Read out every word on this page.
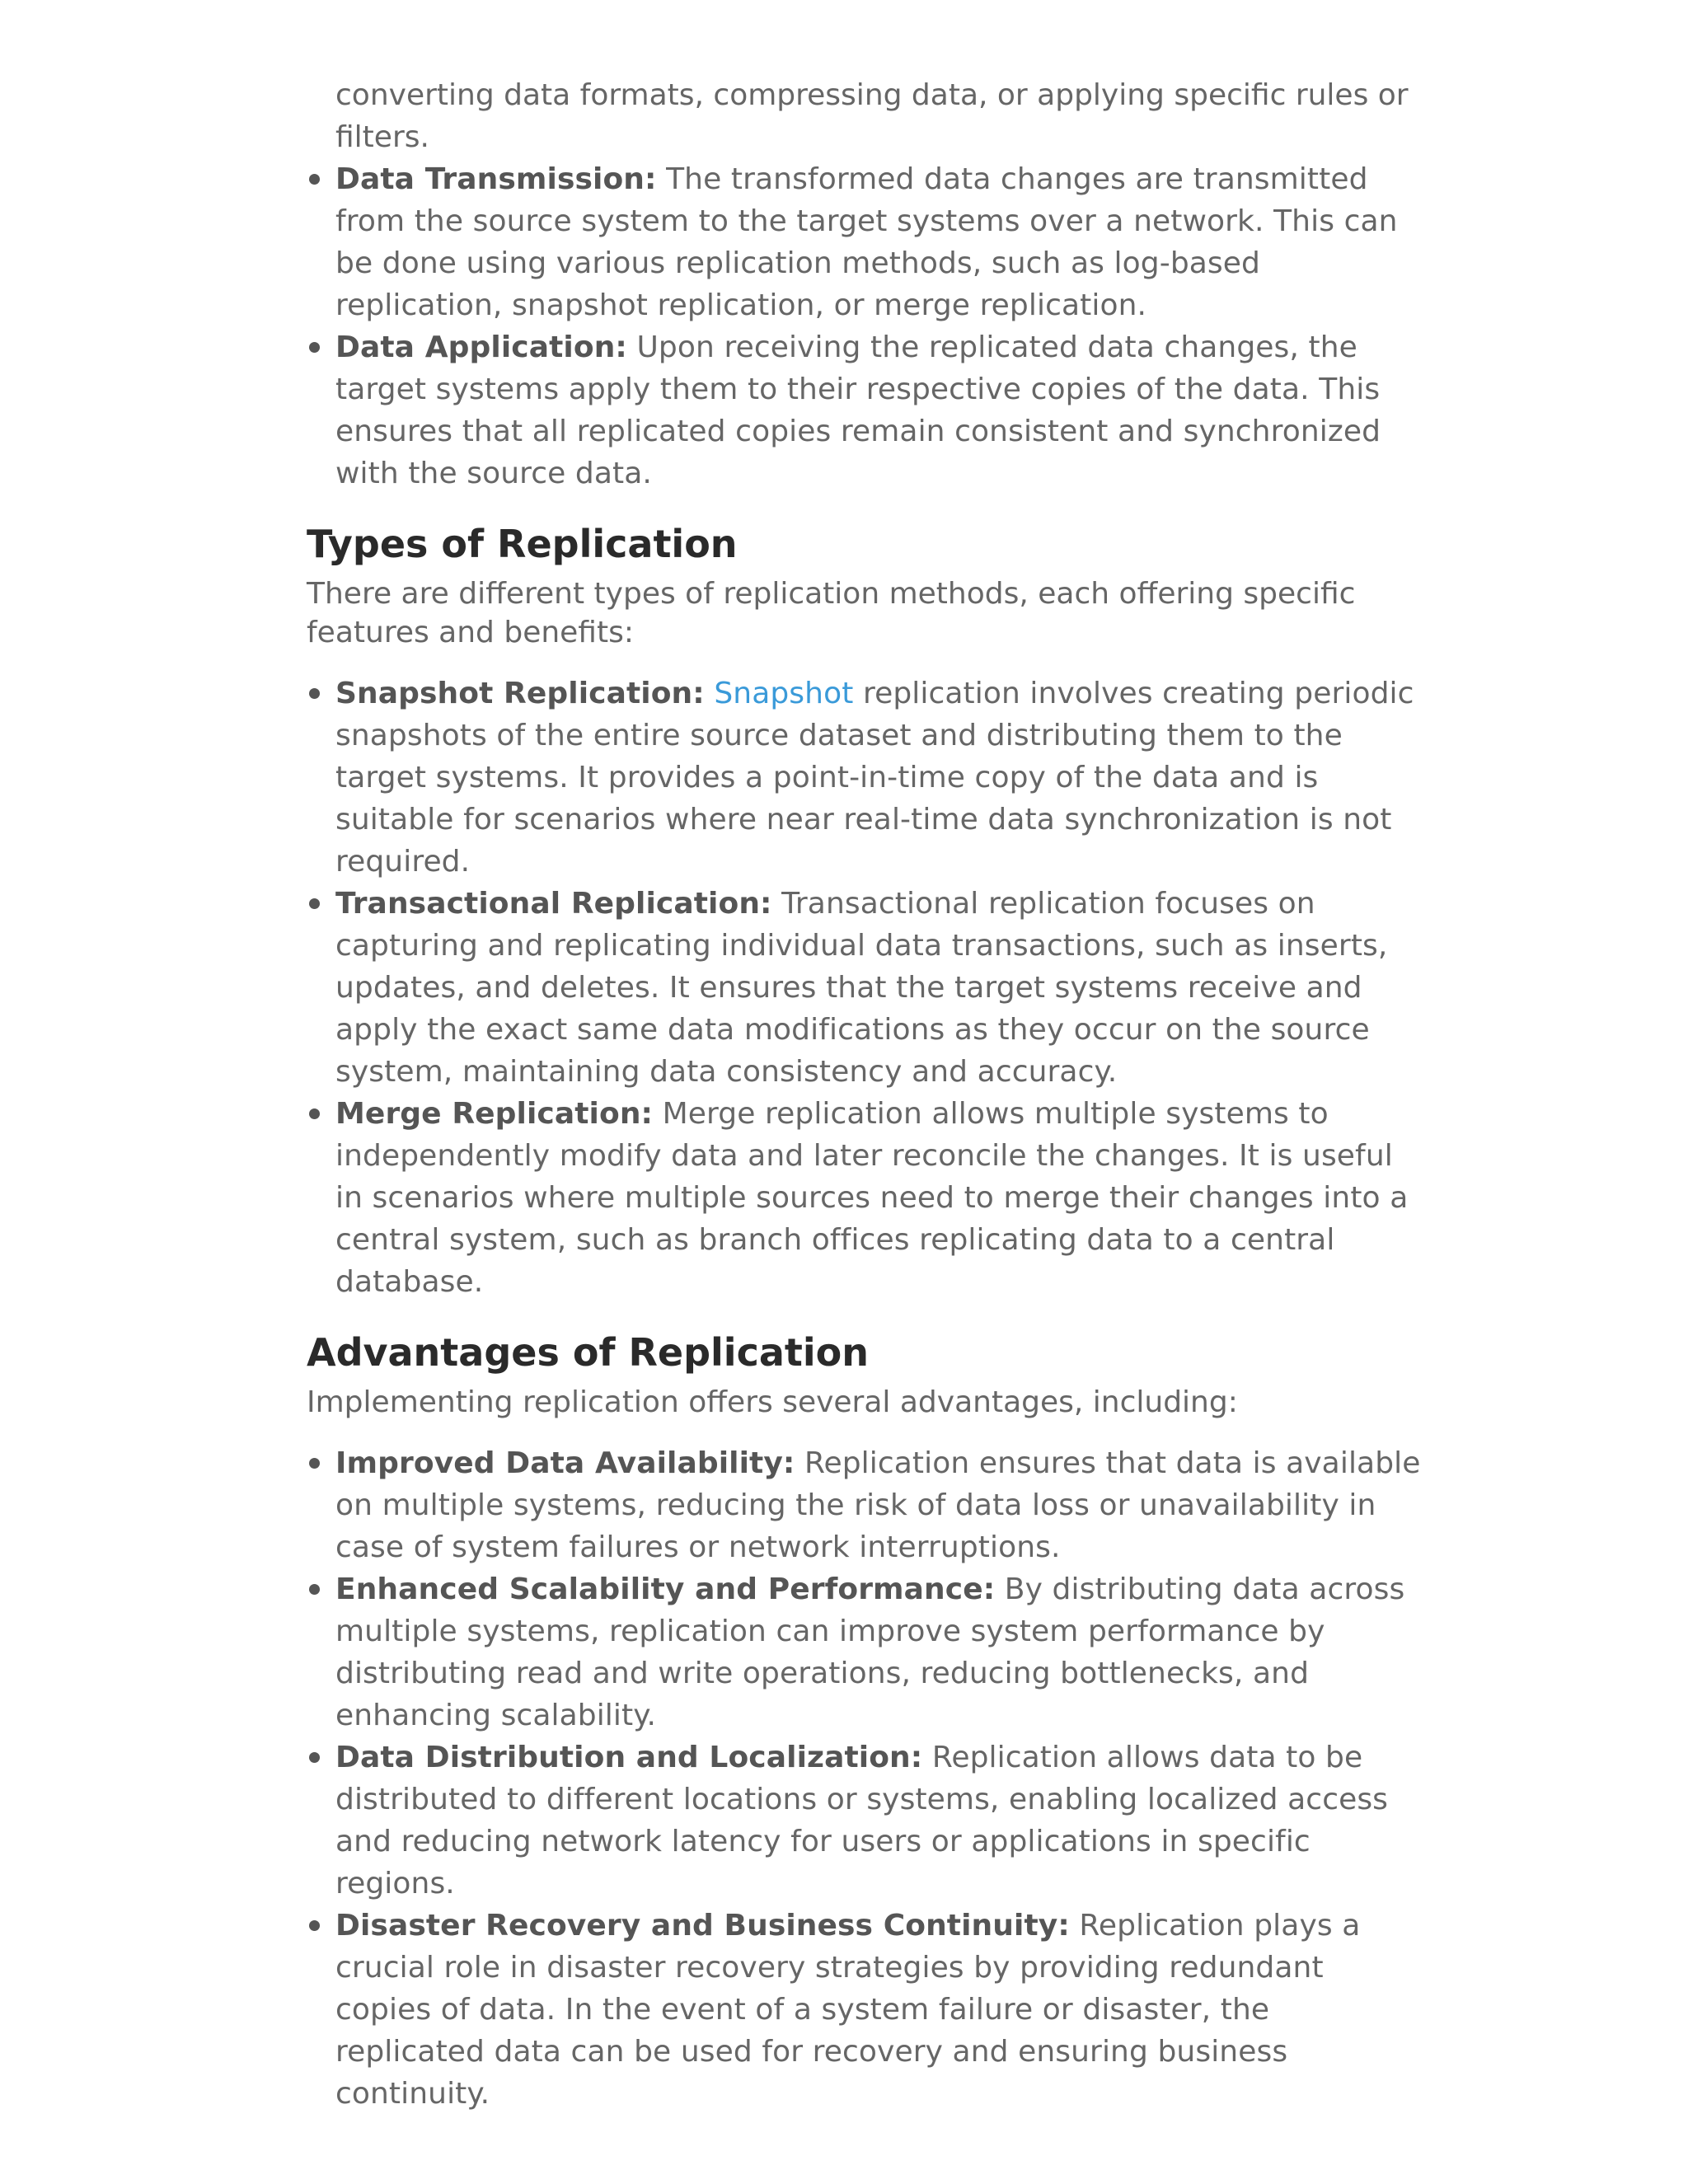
converting data formats, compressing data, or applying specific rules or filters.
Data Transmission: The transformed data changes are transmitted from the source system to the target systems over a network. This can be done using various replication methods, such as log-based replication, snapshot replication, or merge replication.
Data Application: Upon receiving the replicated data changes, the target systems apply them to their respective copies of the data. This ensures that all replicated copies remain consistent and synchronized with the source data.
Types of Replication

There are different types of replication methods, each offering specific features and benefits:

Snapshot Replication: Snapshot replication involves creating periodic snapshots of the entire source dataset and distributing them to the target systems. It provides a point-in-time copy of the data and is suitable for scenarios where near real-time data synchronization is not required.
Transactional Replication: Transactional replication focuses on capturing and replicating individual data transactions, such as inserts, updates, and deletes. It ensures that the target systems receive and apply the exact same data modifications as they occur on the source system, maintaining data consistency and accuracy.
Merge Replication: Merge replication allows multiple systems to independently modify data and later reconcile the changes. It is useful in scenarios where multiple sources need to merge their changes into a central system, such as branch offices replicating data to a central database.
Advantages of Replication

Implementing replication offers several advantages, including:

Improved Data Availability: Replication ensures that data is available on multiple systems, reducing the risk of data loss or unavailability in case of system failures or network interruptions.
Enhanced Scalability and Performance: By distributing data across multiple systems, replication can improve system performance by distributing read and write operations, reducing bottlenecks, and enhancing scalability.
Data Distribution and Localization: Replication allows data to be distributed to different locations or systems, enabling localized access and reducing network latency for users or applications in specific regions.
Disaster Recovery and Business Continuity: Replication plays a crucial role in disaster recovery strategies by providing redundant copies of data. In the event of a system failure or disaster, the replicated data can be used for recovery and ensuring business continuity.
